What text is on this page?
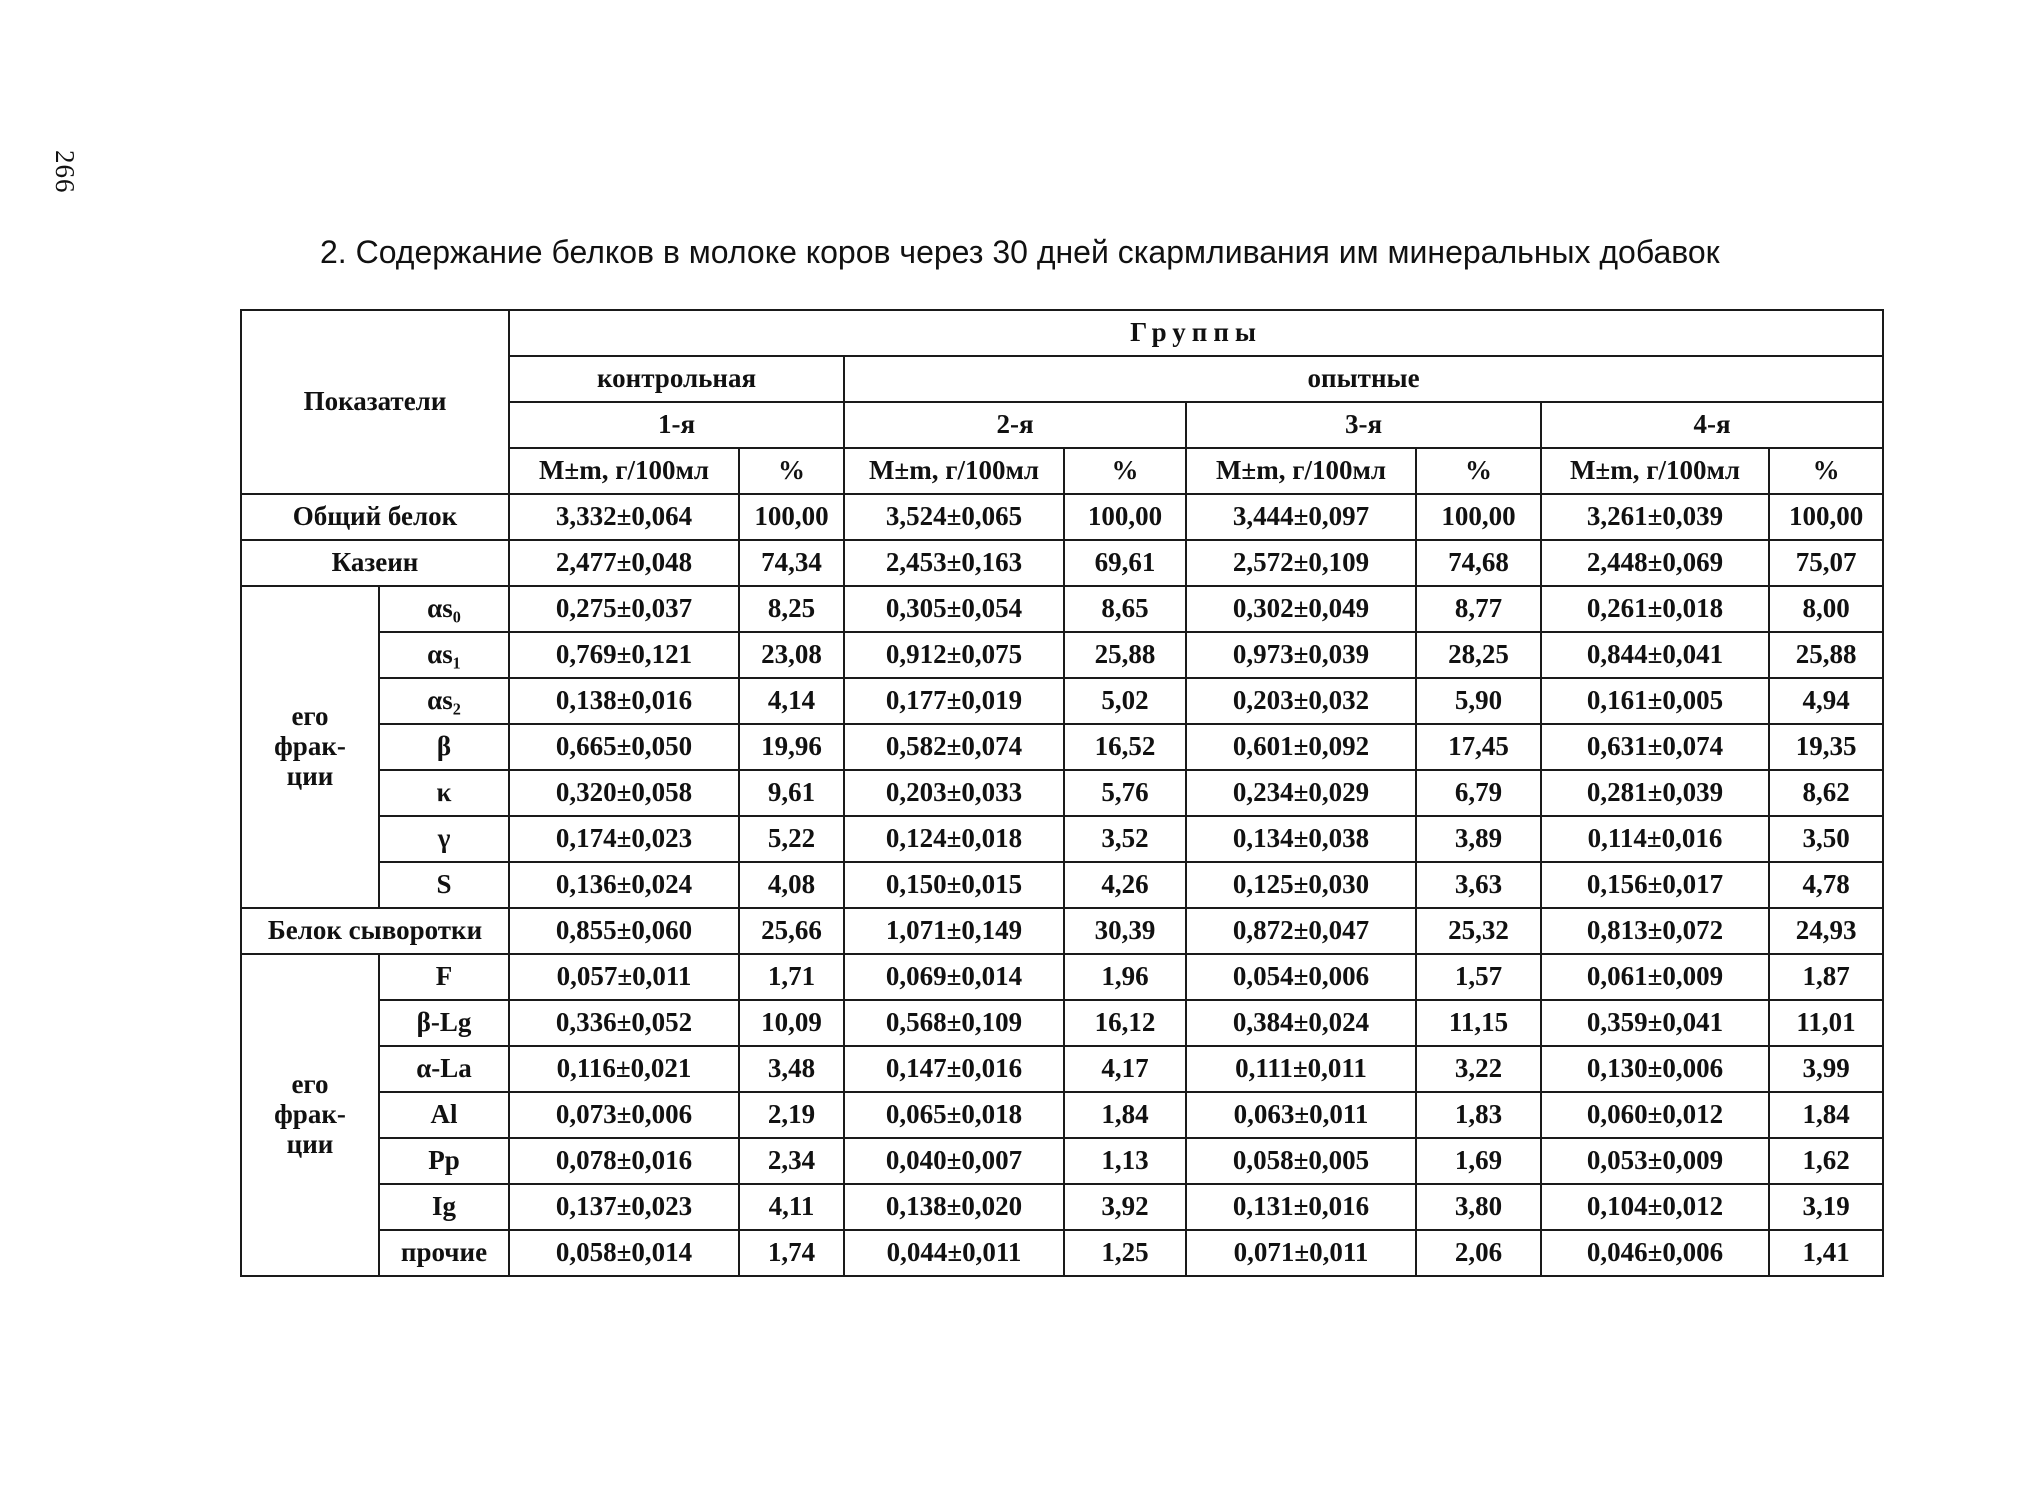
266
2. Содержание белков в молоке коров через 30 дней скармливания им минеральных добавок
Показатели		Группы							
		контрольная		опытные					
		1-я		2-я		3-я		4-я	
		М±m, г/100мл	%	М±m, г/100мл	%	М±m, г/100мл	%	М±m, г/100мл	%
Общий белок		3,332±0,064	100,00	3,524±0,065	100,00	3,444±0,097	100,00	3,261±0,039	100,00
Казеин		2,477±0,048	74,34	2,453±0,163	69,61	2,572±0,109	74,68	2,448±0,069	75,07

его
фрак-
ции	αs₀	0,275±0,037	8,25	0,305±0,054	8,65	0,302±0,049	8,77	0,261±0,018	8,00
	αs₁	0,769±0,121	23,08	0,912±0,075	25,88	0,973±0,039	28,25	0,844±0,041	25,88
	αs₂	0,138±0,016	4,14	0,177±0,019	5,02	0,203±0,032	5,90	0,161±0,005	4,94
	β	0,665±0,050	19,96	0,582±0,074	16,52	0,601±0,092	17,45	0,631±0,074	19,35
	κ	0,320±0,058	9,61	0,203±0,033	5,76	0,234±0,029	6,79	0,281±0,039	8,62
	γ	0,174±0,023	5,22	0,124±0,018	3,52	0,134±0,038	3,89	0,114±0,016	3,50
	S	0,136±0,024	4,08	0,150±0,015	4,26	0,125±0,030	3,63	0,156±0,017	4,78
Белок сыворотки		0,855±0,060	25,66	1,071±0,149	30,39	0,872±0,047	25,32	0,813±0,072	24,93

его
фрак-
ции	F	0,057±0,011	1,71	0,069±0,014	1,96	0,054±0,006	1,57	0,061±0,009	1,87
	β-Lg	0,336±0,052	10,09	0,568±0,109	16,12	0,384±0,024	11,15	0,359±0,041	11,01
	α-La	0,116±0,021	3,48	0,147±0,016	4,17	0,111±0,011	3,22	0,130±0,006	3,99
	Al	0,073±0,006	2,19	0,065±0,018	1,84	0,063±0,011	1,83	0,060±0,012	1,84
	Pp	0,078±0,016	2,34	0,040±0,007	1,13	0,058±0,005	1,69	0,053±0,009	1,62
	Ig	0,137±0,023	4,11	0,138±0,020	3,92	0,131±0,016	3,80	0,104±0,012	3,19
	прочие	0,058±0,014	1,74	0,044±0,011	1,25	0,071±0,011	2,06	0,046±0,006	1,41
